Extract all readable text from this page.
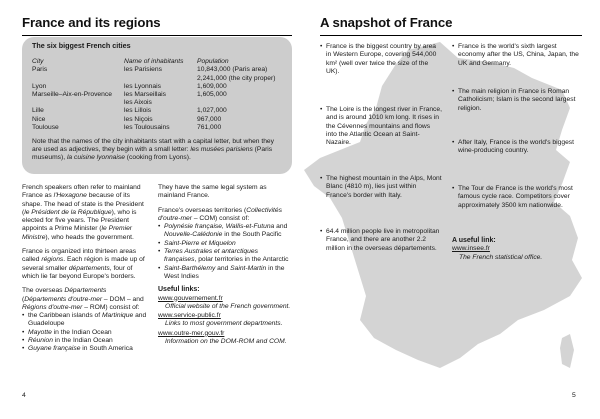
France and its regions
The six biggest French cities
City	Name of inhabitants	Population
Paris	les Parisiens	10,843,000 (Paris area)
		2,241,000 (the city proper)
Lyon	les Lyonnais	1,609,000
Marseille–Aix-en-Provence	les Marseillais	1,605,000
	les Aixois	
Lille	les Lillois	1,027,000
Nice	les Niçois	967,000
Toulouse	les Toulousains	761,000
Note that the names of the city inhabitants start with a capital letter, but when they are used as adjectives, they begin with a small letter: les musées parisiens (Paris museums), la cuisine lyonnaise (cooking from Lyons).

French speakers often refer to mainland France as l'Hexagone because of its shape. The head of state is the President (le Président de la République), who is elected for five years. The President appoints a Prime Minister (le Premier Ministre), who heads the government.

France is organized into thirteen areas called régions. Each région is made up of several smaller départements, four of which lie far beyond Europe's borders.

The overseas Départements (Départements d'outre-mer – DOM – and Régions d'outre-mer – ROM) consist of:

• the Caribbean islands of Martinique and Guadeloupe
• Mayotte in the Indian Ocean
• Réunion in the Indian Ocean
• Guyane française in South America

They have the same legal system as mainland France.

France's overseas territories (Collectivités d'outre-mer – COM) consist of:

• Polynésie française, Wallis-et-Futuna and Nouvelle-Calédonie in the South Pacific
• Saint-Pierre et Miquelon
• Terres Australes et antarctiques françaises, polar territories in the Antarctic
• Saint-Barthélemy and Saint-Martin in the West Indies
Useful links:
www.gouvernement.fr
Official website of the French government.
www.service-public.fr
Links to most government departments.
www.outre-mer.gouv.fr
Information on the DOM-ROM and COM.
4
A snapshot of France
• France is the biggest country by area in Western Europe, covering 544,000 km² (well over twice the size of the UK).
• The Loire is the longest river in France, and is around 1010 km long. It rises in the Cévennes mountains and flows into the Atlantic Ocean at Saint-Nazaire.
• The highest mountain in the Alps, Mont Blanc (4810 m), lies just within France's border with Italy.
• 64.4 million people live in metropolitan France, and there are another 2.2 million in the overseas départements.
• France is the world's sixth largest economy after the US, China, Japan, the UK and Germany.
• The main religion in France is Roman Catholicism; Islam is the second largest religion.
• After Italy, France is the world's biggest wine-producing country.
• The Tour de France is the world's most famous cycle race. Competitors cover approximately 3500 km nationwide.
A useful link:
www.insee.fr
The French statistical office.
5
